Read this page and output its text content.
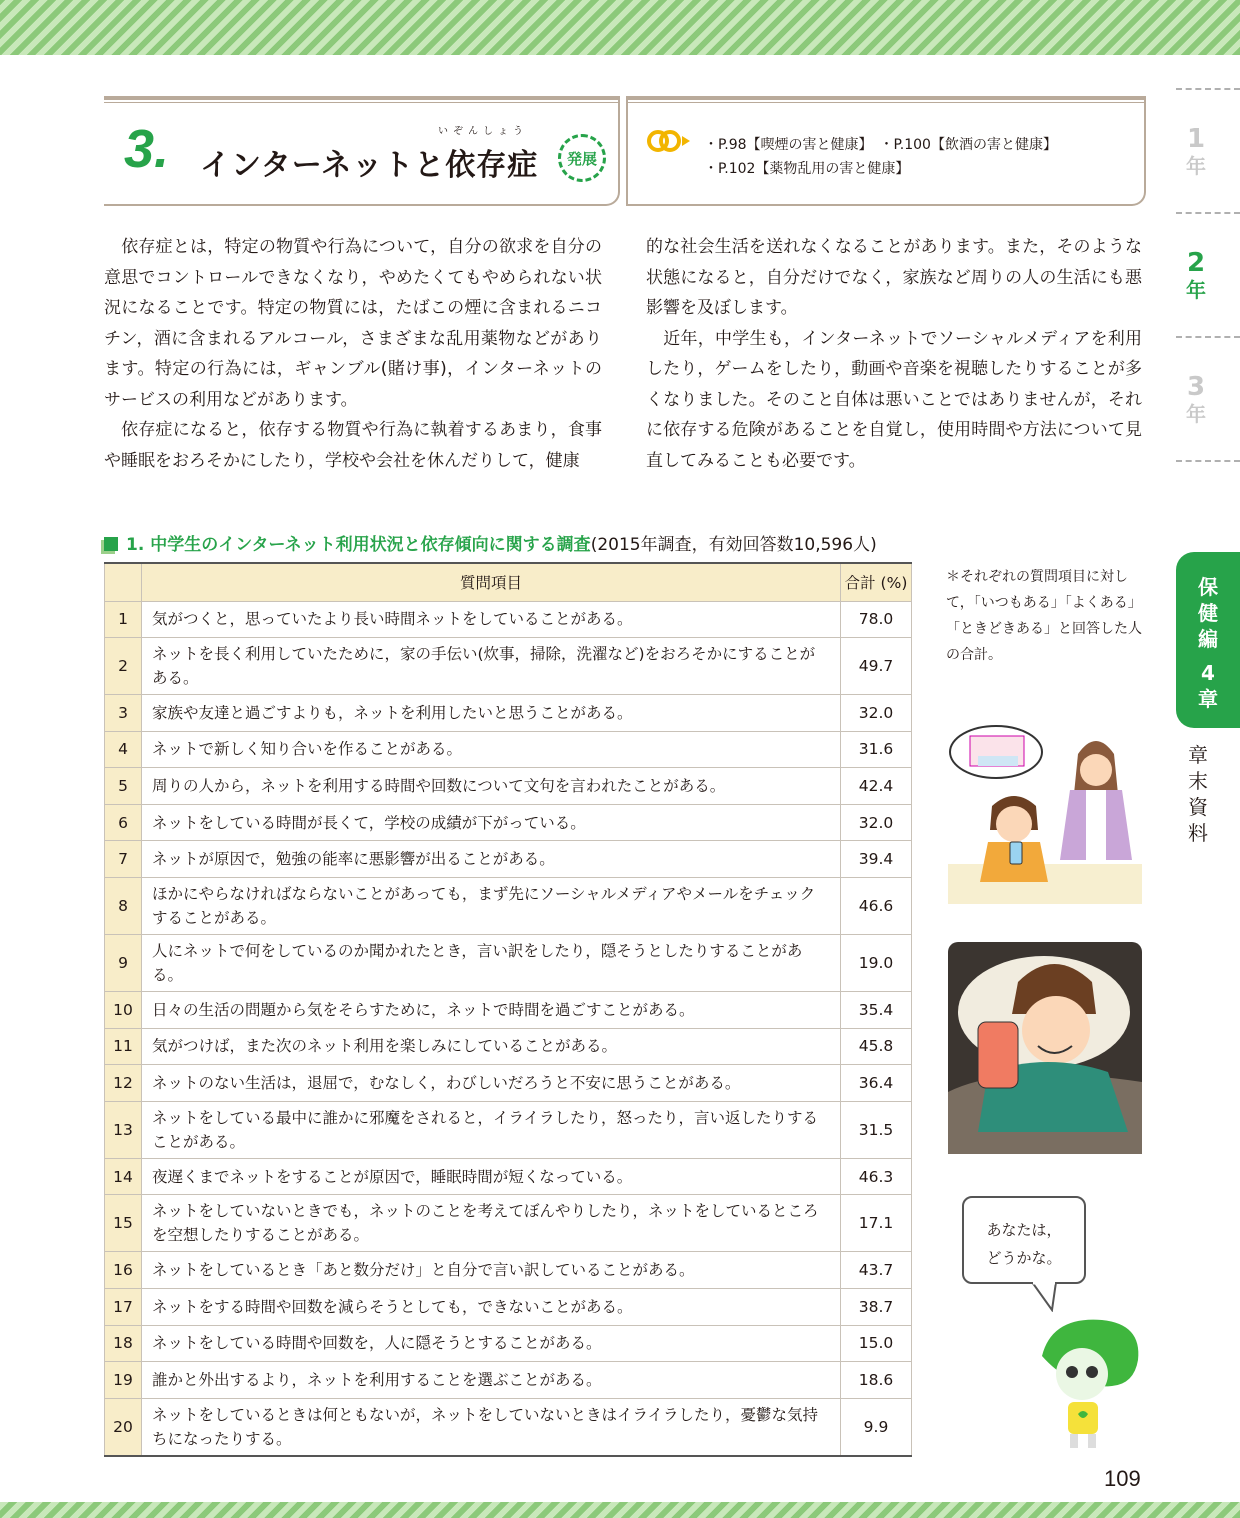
3.	いぞんしょう
インターネットと依存症	発展
・P.98【喫煙の害と健康】　・P.100【飲酒の害と健康】
・P.102【薬物乱用の害と健康】
　依存症とは，特定の物質や行為について，自分の欲求を自分の意思でコントロールできなくなり，やめたくてもやめられない状況になることです。特定の物質には，たばこの煙に含まれるニコチン，酒に含まれるアルコール，さまざまな乱用薬物などがあります。特定の行為には，ギャンブル(賭け事)，インターネットのサービスの利用などがあります。
　依存症になると，依存する物質や行為に執着するあまり，食事や睡眠をおろそかにしたり，学校や会社を休んだりして，健康
的な社会生活を送れなくなることがあります。また，そのような状態になると，自分だけでなく，家族など周りの人の生活にも悪影響を及ぼします。
　近年，中学生も，インターネットでソーシャルメディアを利用したり，ゲームをしたり，動画や音楽を視聴したりすることが多くなりました。そのこと自体は悪いことではありませんが，それに依存する危険があることを自覚し，使用時間や方法について見直してみることも必要です。
1
年
2
年
3
年
保
健
編
4
章
章
末
資
料
1. 中学生のインターネット利用状況と依存傾向に関する調査(2015年調査，有効回答数10,596人)
	質問項目	合計 (%)
1	気がつくと，思っていたより長い時間ネットをしていることがある。	78.0
2	ネットを長く利用していたために，家の手伝い(炊事，掃除，洗濯など)をおろそかにすることがある。	49.7
3	家族や友達と過ごすよりも，ネットを利用したいと思うことがある。	32.0
4	ネットで新しく知り合いを作ることがある。	31.6
5	周りの人から，ネットを利用する時間や回数について文句を言われたことがある。	42.4
6	ネットをしている時間が長くて，学校の成績が下がっている。	32.0
7	ネットが原因で，勉強の能率に悪影響が出ることがある。	39.4
8	ほかにやらなければならないことがあっても，まず先にソーシャルメディアやメールをチェックすることがある。	46.6
9	人にネットで何をしているのか聞かれたとき，言い訳をしたり，隠そうとしたりすることがある。	19.0
10	日々の生活の問題から気をそらすために，ネットで時間を過ごすことがある。	35.4
11	気がつけば，また次のネット利用を楽しみにしていることがある。	45.8
12	ネットのない生活は，退屈で，むなしく，わびしいだろうと不安に思うことがある。	36.4
13	ネットをしている最中に誰かに邪魔をされると，イライラしたり，怒ったり，言い返したりすることがある。	31.5
14	夜遅くまでネットをすることが原因で，睡眠時間が短くなっている。	46.3
15	ネットをしていないときでも，ネットのことを考えてぼんやりしたり，ネットをしているところを空想したりすることがある。	17.1
16	ネットをしているとき「あと数分だけ」と自分で言い訳していることがある。	43.7
17	ネットをする時間や回数を減らそうとしても，できないことがある。	38.7
18	ネットをしている時間や回数を，人に隠そうとすることがある。	15.0
19	誰かと外出するより，ネットを利用することを選ぶことがある。	18.6
20	ネットをしているときは何ともないが，ネットをしていないときはイライラしたり，憂鬱な気持ちになったりする。	9.9
＊それぞれの質問項目に対して，「いつもある」「よくある」「ときどきある」と回答した人の合計。
あなたは，
どうかな。
109
